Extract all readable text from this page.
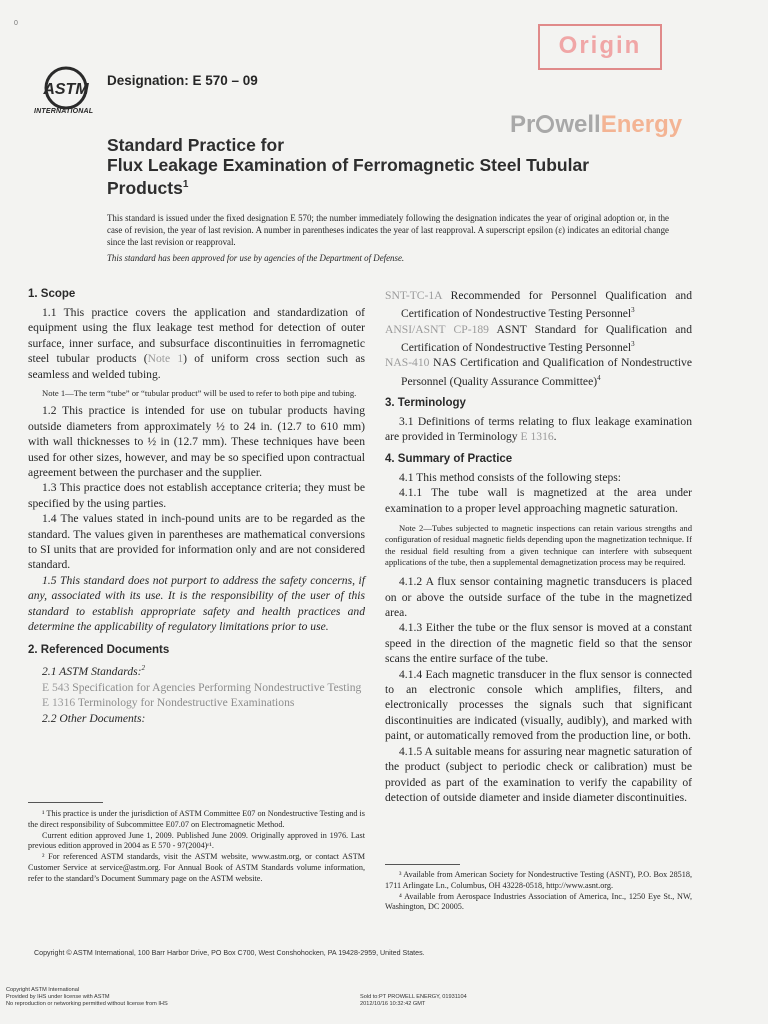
0
ASTM
INTERNATIONAL
Designation: E 570 – 09
Origin
Pr wellEnergy
Standard Practice for
Flux Leakage Examination of Ferromagnetic Steel Tubular
Products$^1$

This standard is issued under the fixed designation E 570; the number immediately following the designation indicates the year of original adoption or, in the case of revision, the year of last revision. A number in parentheses indicates the year of last reapproval. A superscript epsilon (ε) indicates an editorial change since the last revision or reapproval.

This standard has been approved for use by agencies of the Department of Defense.

1. Scope

1.1 This practice covers the application and standardization of equipment using the flux leakage test method for detection of outer surface, inner surface, and subsurface discontinuities in ferromagnetic steel tubular products (Note 1) of uniform cross section such as seamless and welded tubing.

Note 1—The term “tube” or “tubular product” will be used to refer to both pipe and tubing.

1.2 This practice is intended for use on tubular products having outside diameters from approximately ½ to 24 in. (12.7 to 610 mm) with wall thicknesses to ½ in (12.7 mm). These techniques have been used for other sizes, however, and may be so specified upon contractual agreement between the purchaser and the supplier.

1.3 This practice does not establish acceptance criteria; they must be specified by the using parties.

1.4 The values stated in inch-pound units are to be regarded as the standard. The values given in parentheses are mathematical conversions to SI units that are provided for information only and are not considered standard.

1.5 This standard does not purport to address the safety concerns, if any, associated with its use. It is the responsibility of the user of this standard to establish appropriate safety and health practices and determine the applicability of regulatory limitations prior to use.

2. Referenced Documents

2.1 ASTM Standards:$^2$

E 543 Specification for Agencies Performing Nondestructive Testing

E 1316 Terminology for Nondestructive Examinations

2.2 Other Documents:

¹ This practice is under the jurisdiction of ASTM Committee E07 on Nondestructive Testing and is the direct responsibility of Subcommittee E07.07 on Electromagnetic Method.

Current edition approved June 1, 2009. Published June 2009. Originally approved in 1976. Last previous edition approved in 2004 as E 570 - 97(2004)ᵋ¹.

² For referenced ASTM standards, visit the ASTM website, www.astm.org, or contact ASTM Customer Service at service@astm.org. For Annual Book of ASTM Standards volume information, refer to the standard’s Document Summary page on the ASTM website.

SNT-TC-1A Recommended for Personnel Qualification and Certification of Nondestructive Testing Personnel$^3$

ANSI/ASNT CP-189 ASNT Standard for Qualification and Certification of Nondestructive Testing Personnel$^3$

NAS-410 NAS Certification and Qualification of Nondestructive Personnel (Quality Assurance Committee)$^4$

3. Terminology

3.1 Definitions of terms relating to flux leakage examination are provided in Terminology E 1316.

4. Summary of Practice

4.1 This method consists of the following steps:

4.1.1 The tube wall is magnetized at the area under examination to a proper level approaching magnetic saturation.

Note 2—Tubes subjected to magnetic inspections can retain various strengths and configuration of residual magnetic fields depending upon the magnetization technique. If the residual field resulting from a given technique can interfere with subsequent applications of the tube, then a supplemental demagnetization process may be required.

4.1.2 A flux sensor containing magnetic transducers is placed on or above the outside surface of the tube in the magnetized area.

4.1.3 Either the tube or the flux sensor is moved at a constant speed in the direction of the magnetic field so that the sensor scans the entire surface of the tube.

4.1.4 Each magnetic transducer in the flux sensor is connected to an electronic console which amplifies, filters, and electronically processes the signals such that significant discontinuities are indicated (visually, audibly), and marked with paint, or automatically removed from the production line, or both.

4.1.5 A suitable means for assuring near magnetic saturation of the product (subject to periodic check or calibration) must be provided as part of the examination to verify the capability of detection of outside diameter and inside diameter discontinuities.

³ Available from American Society for Nondestructive Testing (ASNT), P.O. Box 28518, 1711 Arlingate Ln., Columbus, OH 43228-0518, http://www.asnt.org.

⁴ Available from Aerospace Industries Association of America, Inc., 1250 Eye St., NW, Washington, DC 20005.

Copyright © ASTM International, 100 Barr Harbor Drive, PO Box C700, West Conshohocken, PA 19428-2959, United States.
Copyright ASTM International
Provided by IHS under license with ASTM
No reproduction or networking permitted without license from IHS
Sold to:PT PROWELL ENERGY, 01931104
2012/10/16 10:32:42 GMT
